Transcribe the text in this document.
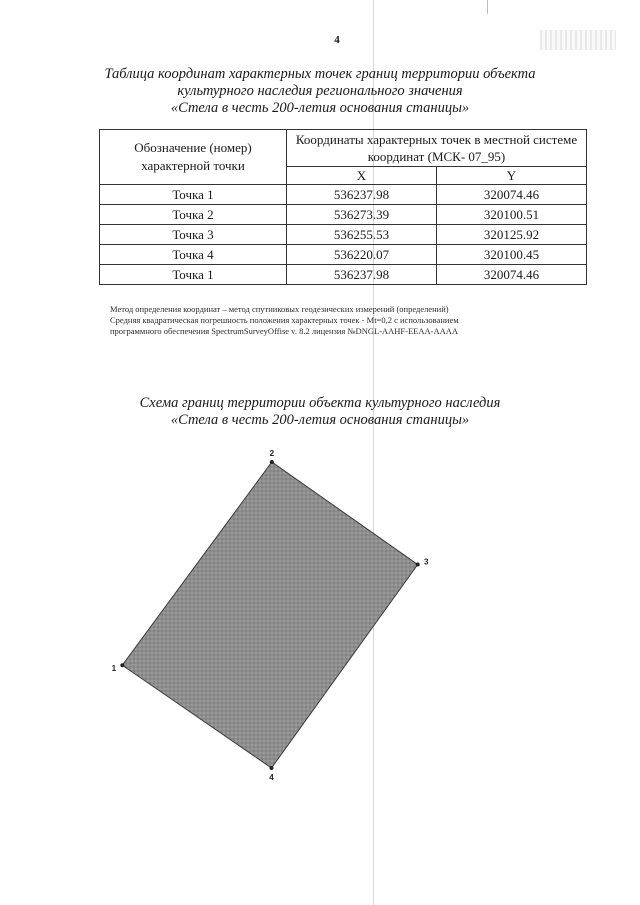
4
Таблица координат характерных точек границ территории объекта
культурного наследия регионального значения
«Стела в честь 200-летия основания станицы»
Обозначение (номер) характерной точки	Координаты характерных точек в местной системе координат (МСК- 07_95)	
	X	Y
Точка 1	536237.98	320074.46
Точка 2	536273.39	320100.51
Точка 3	536255.53	320125.92
Точка 4	536220.07	320100.45
Точка 1	536237.98	320074.46
Метод определения координат – метод спутниковых геодезических измерений (определений)
Средняя квадратическая погрешность положения характерных точек - Mt=0,2 с использованием
программного обеспечения SpectrumSurveyOffise v. 8.2 лицензия №DNGL-AAHF-EEAA-AAAA
Схема границ территории объекта культурного наследия
«Стела в честь 200-летия основания станицы»
1
2
3
4
